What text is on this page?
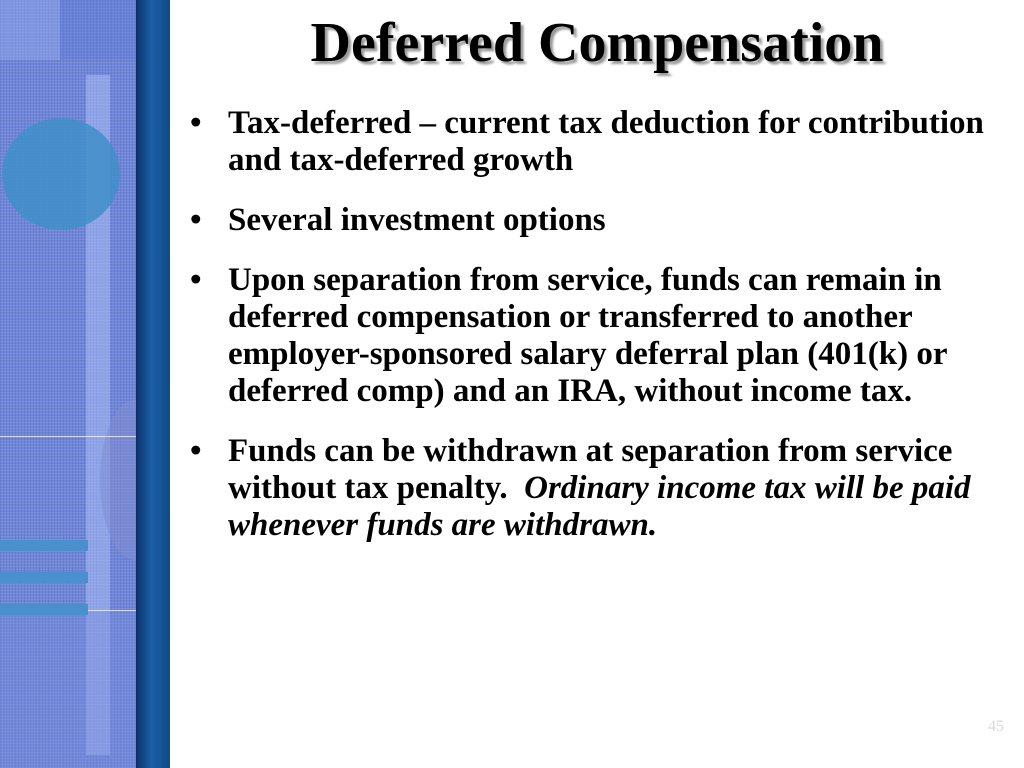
Deferred Compensation
• Tax-deferred – current tax deduction for contribution and tax-deferred growth
• Several investment options
• Upon separation from service, funds can remain in deferred compensation or transferred to another employer-sponsored salary deferral plan (401(k) or deferred comp) and an IRA, without income tax.
• Funds can be withdrawn at separation from service without tax penalty. Ordinary income tax will be paid whenever funds are withdrawn.
45
